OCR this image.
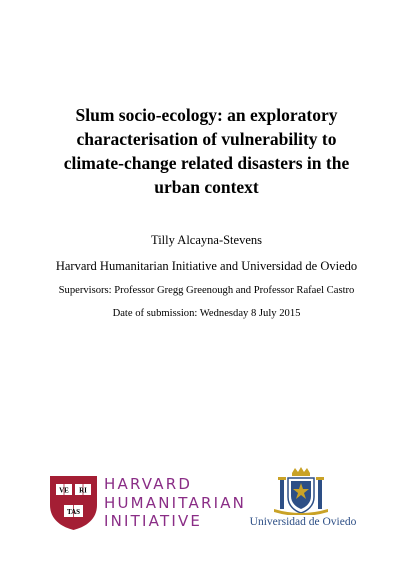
Slum socio-ecology: an exploratory
characterisation of vulnerability to
climate-change related disasters in the
urban context
Tilly Alcayna-Stevens
Harvard Humanitarian Initiative and Universidad de Oviedo
Supervisors: Professor Gregg Greenough and Professor Rafael Castro
Date of submission: Wednesday 8 July 2015
VE RI
TAS
HARVARD
HUMANITARIAN
INITIATIVE	Universidad de Oviedo
